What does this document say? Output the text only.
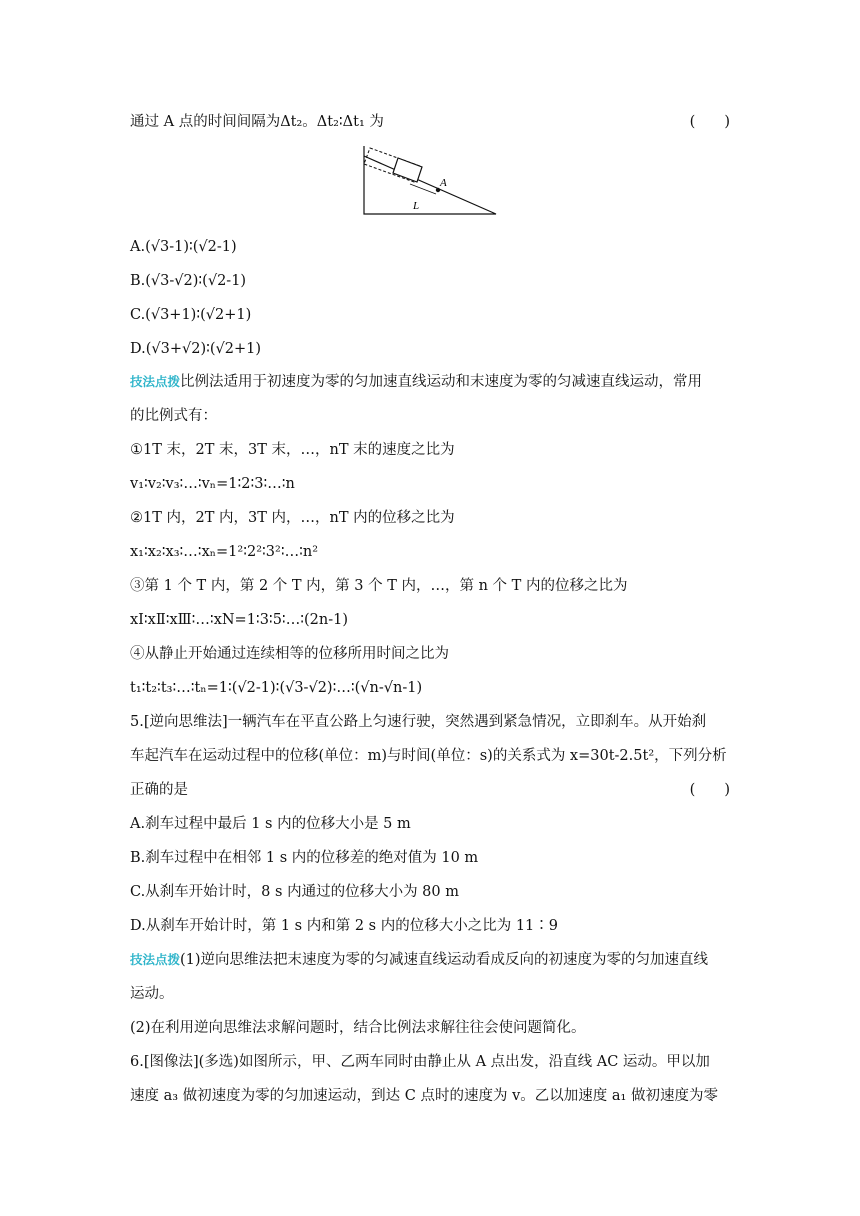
通过 A 点的时间间隔为Δt₂。Δt₂∶Δt₁ 为	(　　)
A
L
A.(√3-1)∶(√2-1)
B.(√3-√2)∶(√2-1)
C.(√3+1)∶(√2+1)
D.(√3+√2)∶(√2+1)
技法点拨比例法适用于初速度为零的匀加速直线运动和末速度为零的匀减速直线运动，常用
的比例式有：
①1T 末，2T 末，3T 末，…，nT 末的速度之比为
v₁∶v₂∶v₃∶…∶vₙ=1∶2∶3∶…∶n
②1T 内，2T 内，3T 内，…，nT 内的位移之比为
x₁∶x₂∶x₃∶…∶xₙ=1²∶2²∶3²∶…∶n²
③第 1 个 T 内，第 2 个 T 内，第 3 个 T 内，…，第 n 个 T 内的位移之比为
xⅠ∶xⅡ∶xⅢ∶…∶xN=1∶3∶5∶…∶(2n-1)
④从静止开始通过连续相等的位移所用时间之比为
t₁∶t₂∶t₃∶…∶tₙ=1∶(√2-1)∶(√3-√2)∶…∶(√n-√n-1)
5.[逆向思维法]一辆汽车在平直公路上匀速行驶，突然遇到紧急情况，立即刹车。从开始刹
车起汽车在运动过程中的位移(单位：m)与时间(单位：s)的关系式为 x=30t-2.5t²，下列分析
正确的是	(　　)
A.刹车过程中最后 1 s 内的位移大小是 5 m
B.刹车过程中在相邻 1 s 内的位移差的绝对值为 10 m
C.从刹车开始计时，8 s 内通过的位移大小为 80 m
D.从刹车开始计时，第 1 s 内和第 2 s 内的位移大小之比为 11∶9
技法点拨(1)逆向思维法把末速度为零的匀减速直线运动看成反向的初速度为零的匀加速直线
运动。
(2)在利用逆向思维法求解问题时，结合比例法求解往往会使问题简化。
6.[图像法](多选)如图所示，甲、乙两车同时由静止从 A 点出发，沿直线 AC 运动。甲以加
速度 a₃ 做初速度为零的匀加速运动，到达 C 点时的速度为 v。乙以加速度 a₁ 做初速度为零
